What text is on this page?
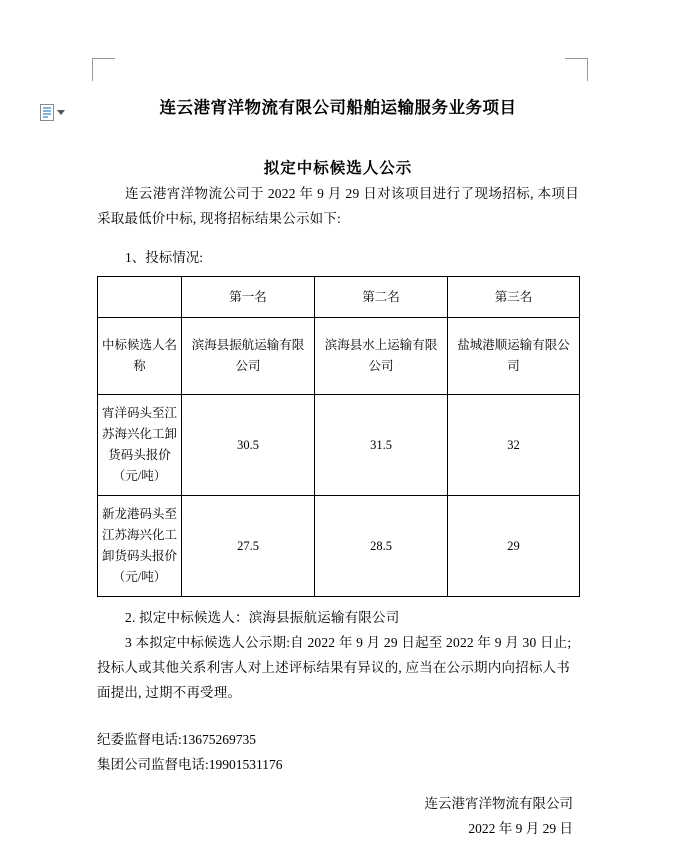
连云港宵洋物流有限公司船舶运输服务业务项目
拟定中标候选人公示

连云港宵洋物流公司于 2022 年 9 月 29 日对该项目进行了现场招标, 本项目采取最低价中标, 现将招标结果公示如下:

1、投标情况:
	第一名	第二名	第三名
中标候选人名称	滨海县振航运输有限公司	滨海县水上运输有限公司	盐城港顺运输有限公司
宵洋码头至江苏海兴化工卸货码头报价（元/吨）	30.5	31.5	32
新龙港码头至江苏海兴化工卸货码头报价（元/吨）	27.5	28.5	29

2. 拟定中标候选人：滨海县振航运输有限公司

3 本拟定中标候选人公示期:自 2022 年 9 月 29 日起至 2022 年 9 月 30 日止;

投标人或其他关系利害人对上述评标结果有异议的, 应当在公示期内向招标人书

面提出, 过期不再受理。

纪委监督电话:13675269735

集团公司监督电话:19901531176

连云港宵洋物流有限公司

2022 年 9 月 29 日
